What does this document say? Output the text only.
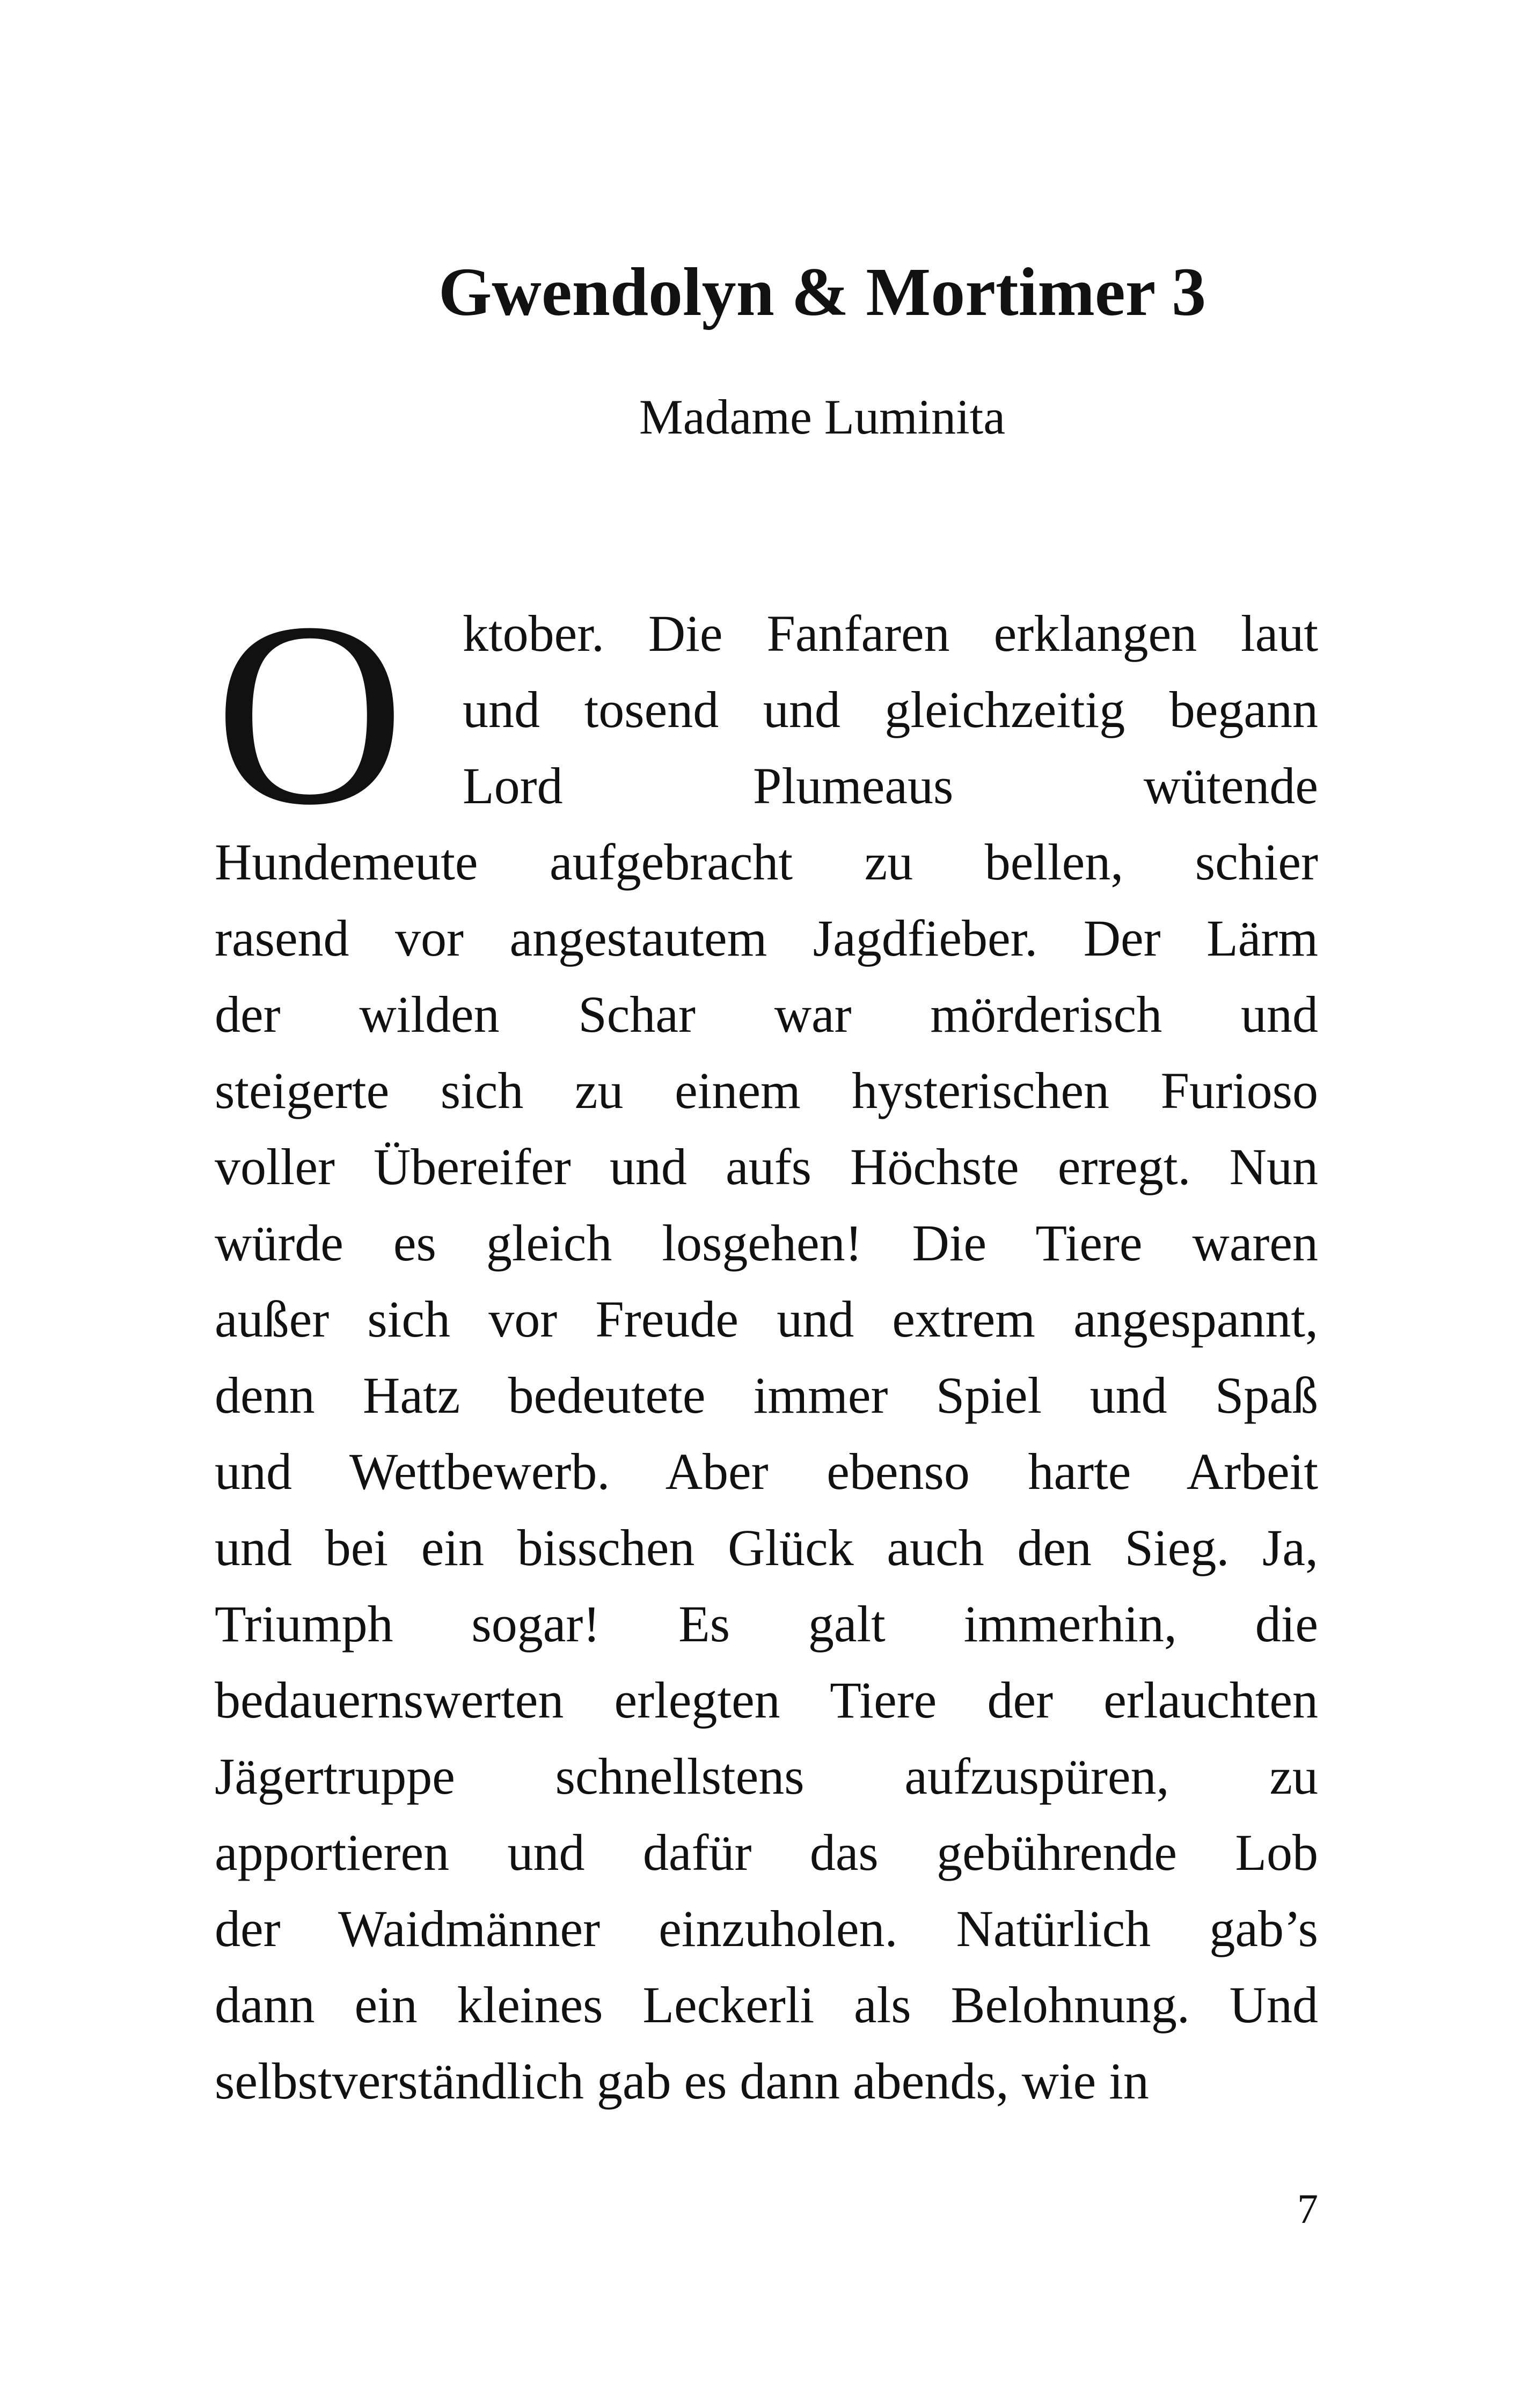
Gwendolyn & Mortimer 3

Madame Luminita

O ktober. Die Fanfaren erklangen laut
und tosend und gleichzeitig begann
Lord Plumeaus wütende
Hundemeute aufgebracht zu bellen, schier
rasend vor angestautem Jagdfieber. Der Lärm
der wilden Schar war mörderisch und
steigerte sich zu einem hysterischen Furioso
voller Übereifer und aufs Höchste erregt. Nun
würde es gleich losgehen! Die Tiere waren
außer sich vor Freude und extrem angespannt,
denn Hatz bedeutete immer Spiel und Spaß
und Wettbewerb. Aber ebenso harte Arbeit
und bei ein bisschen Glück auch den Sieg. Ja,
Triumph sogar! Es galt immerhin, die
bedauernswerten erlegten Tiere der erlauchten
Jägertruppe schnellstens aufzuspüren, zu
apportieren und dafür das gebührende Lob
der Waidmänner einzuholen. Natürlich gab’s
dann ein kleines Leckerli als Belohnung. Und
selbstverständlich gab es dann abends, wie in
7
